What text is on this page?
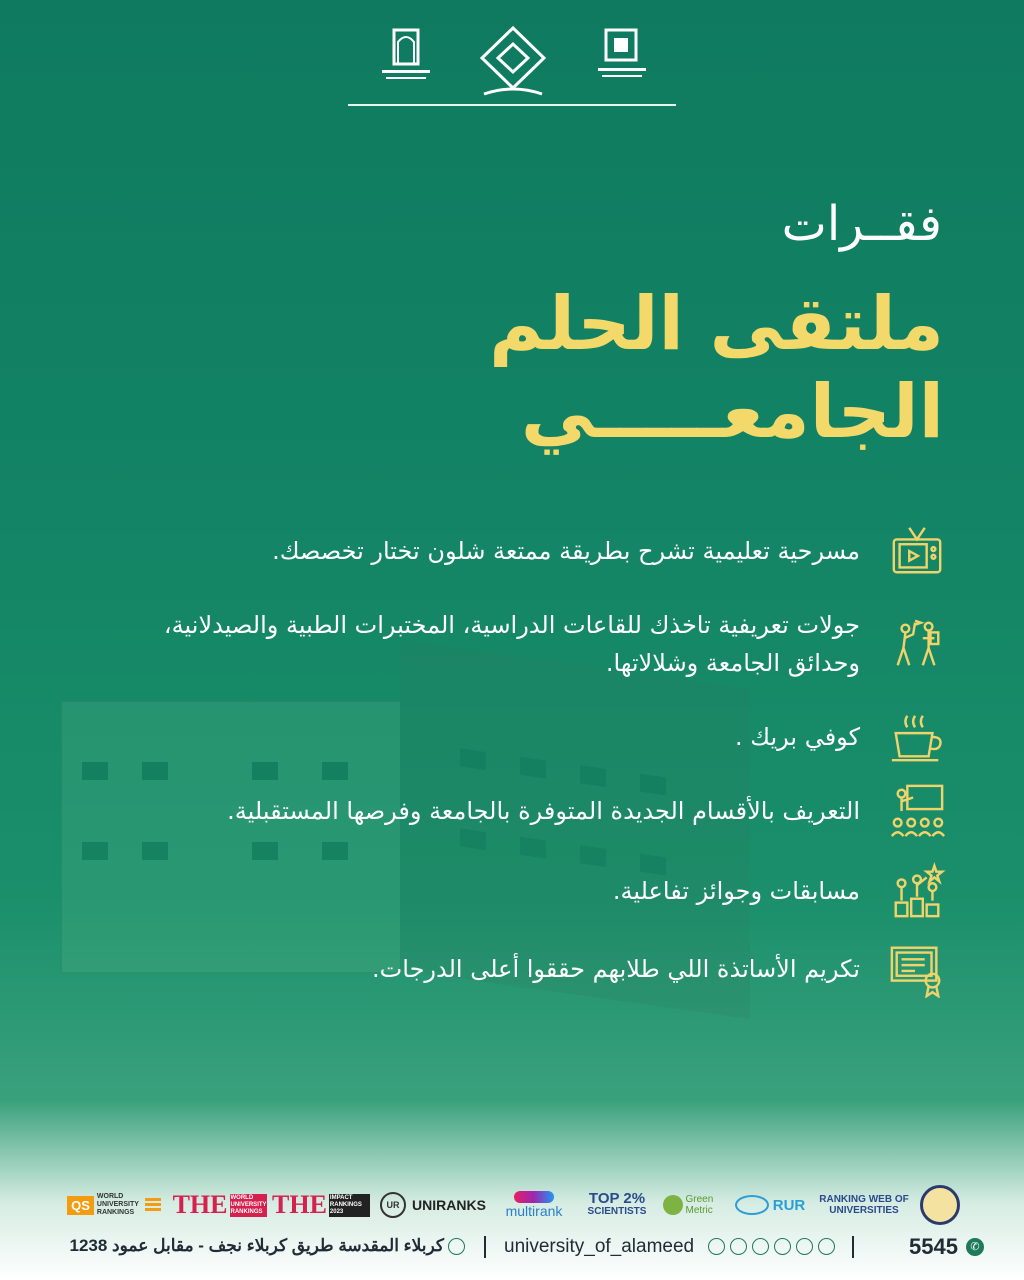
فقــرات
ملتقى الحلم
الجامعـــــي
مسرحية تعليمية تشرح بطريقة ممتعة شلون تختار تخصصك.
جولات تعريفية تاخذك للقاعات الدراسية، المختبرات الطبية والصيدلانية، وحدائق الجامعة وشلالاتها.
كوفي بريك .
التعريف بالأقسام الجديدة المتوفرة بالجامعة وفرصها المستقبلية.
مسابقات وجوائز تفاعلية.
تكريم الأساتذة اللي طلابهم حققوا أعلى الدرجات.
QS
WORLD UNIVERSITY RANKINGS	THE WORLD UNIVERSITY RANKINGS THE IMPACT RANKINGS 2023
UR UNIRANKS multirank
TOP 2%
SCIENTISTS
Green Metric	RUR	RANKING WEB OF UNIVERSITIES
✆
5545
university_of_alameed
كربلاء المقدسة طريق كربلاء نجف - مقابل عمود 1238
